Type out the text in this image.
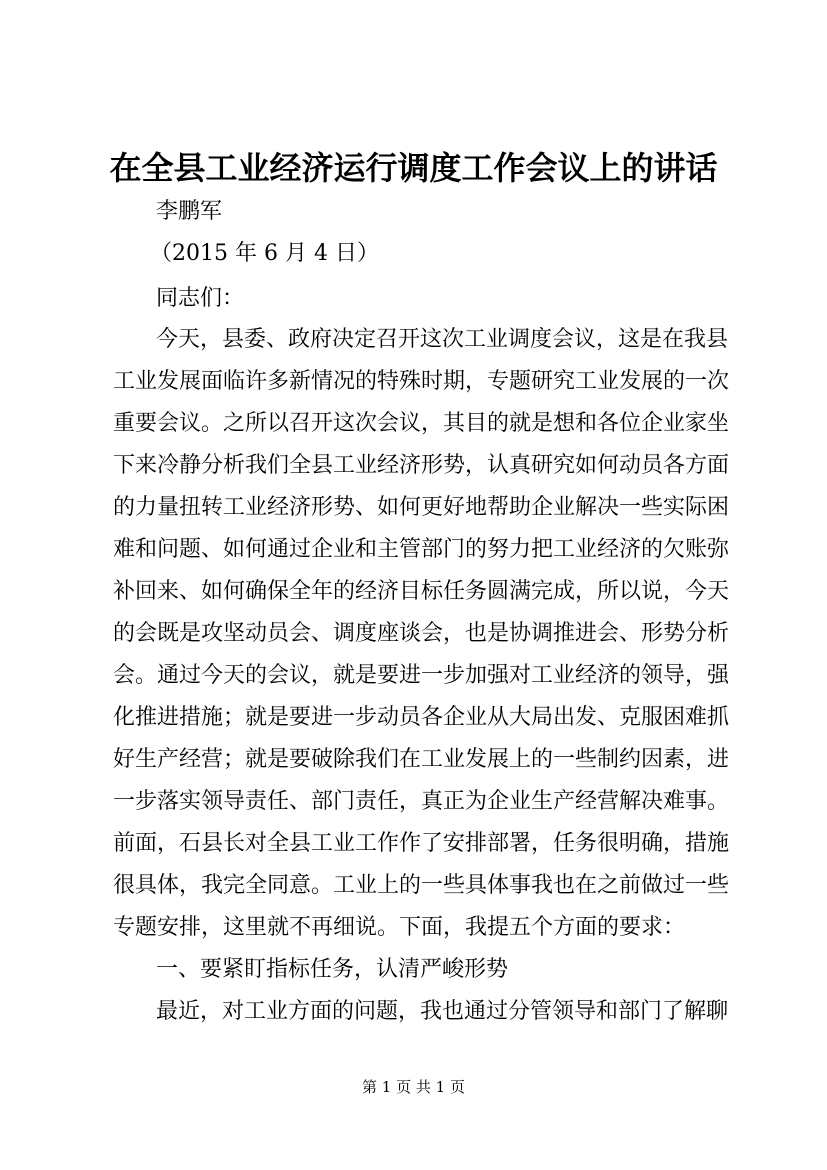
在全县工业经济运行调度工作会议上的讲话
李鹏军
（2015 年 6 月 4 日）
同志们：
今天，县委、政府决定召开这次工业调度会议，这是在我县
工业发展面临许多新情况的特殊时期，专题研究工业发展的一次
重要会议。之所以召开这次会议，其目的就是想和各位企业家坐
下来冷静分析我们全县工业经济形势，认真研究如何动员各方面
的力量扭转工业经济形势、如何更好地帮助企业解决一些实际困
难和问题、如何通过企业和主管部门的努力把工业经济的欠账弥
补回来、如何确保全年的经济目标任务圆满完成，所以说，今天
的会既是攻坚动员会、调度座谈会，也是协调推进会、形势分析
会。通过今天的会议，就是要进一步加强对工业经济的领导，强
化推进措施；就是要进一步动员各企业从大局出发、克服困难抓
好生产经营；就是要破除我们在工业发展上的一些制约因素，进
一步落实领导责任、部门责任，真正为企业生产经营解决难事。
前面，石县长对全县工业工作作了安排部署，任务很明确，措施
很具体，我完全同意。工业上的一些具体事我也在之前做过一些
专题安排，这里就不再细说。下面，我提五个方面的要求：
一、要紧盯指标任务，认清严峻形势
最近，对工业方面的问题，我也通过分管领导和部门了解聊
第 1 页 共 1 页
